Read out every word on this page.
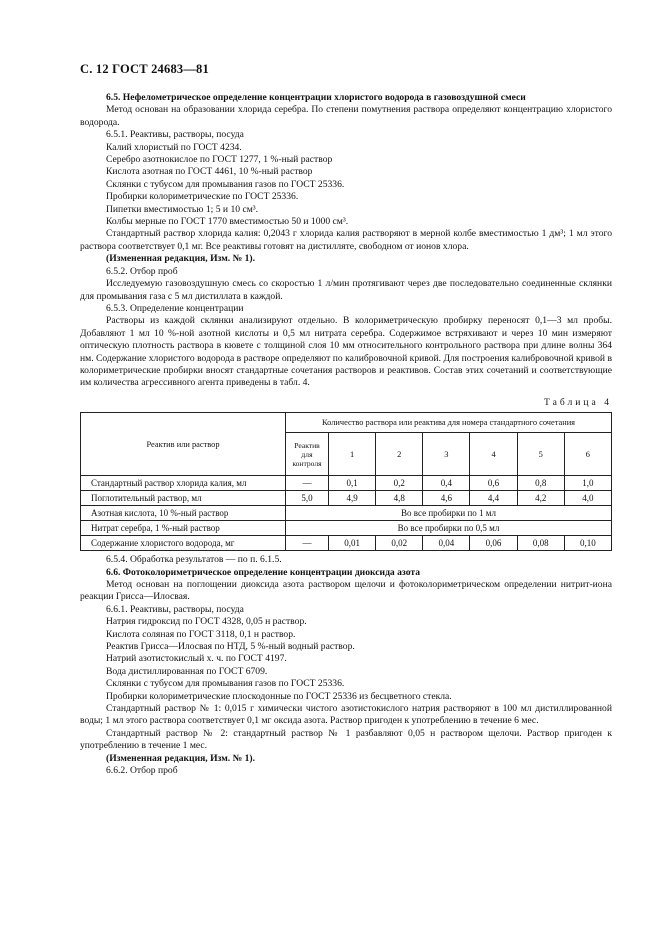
С. 12 ГОСТ 24683—81

6.5. Нефелометрическое определение концентрации хлористого водорода в газовоздушной смеси

Метод основан на образовании хлорида серебра. По степени помутнения раствора определяют концентрацию хлористого водорода.

6.5.1. Реактивы, растворы, посуда

Калий хлористый по ГОСТ 4234.

Серебро азотнокислое по ГОСТ 1277, 1 %-ный раствор

Кислота азотная по ГОСТ 4461, 10 %-ный раствор

Склянки с тубусом для промывания газов по ГОСТ 25336.

Пробирки колориметрические по ГОСТ 25336.

Пипетки вместимостью 1; 5 и 10 см³.

Колбы мерные по ГОСТ 1770 вместимостью 50 и 1000 см³.

Стандартный раствор хлорида калия: 0,2043 г хлорида калия растворяют в мерной колбе вместимостью 1 дм³; 1 мл этого раствора соответствует 0,1 мг. Все реактивы готовят на дистилляте, свободном от ионов хлора.

(Измененная редакция, Изм. № 1).

6.5.2. Отбор проб

Исследуемую газовоздушную смесь со скоростью 1 л/мин протягивают через две последовательно соединенные склянки для промывания газа с 5 мл дистиллата в каждой.

6.5.3. Определение концентрации

Растворы из каждой склянки анализируют отдельно. В колориметрическую пробирку переносят 0,1—3 мл пробы. Добавляют 1 мл 10 %-ной азотной кислоты и 0,5 мл нитрата серебра. Содержимое встряхивают и через 10 мин измеряют оптическую плотность раствора в кювете с толщиной слоя 10 мм относительного контрольного раствора при длине волны 364 нм. Содержание хлористого водорода в растворе определяют по калибровочной кривой. Для построения калибровочной кривой в колориметрические пробирки вносят стандартные сочетания растворов и реактивов. Состав этих сочетаний и соответствующие им количества агрессивного агента приведены в табл. 4.

Таблица 4

Реактив или раствор	Количество раствора или реактива для номера стандартного сочетания						
	Реактив для контроля	1	2	3	4	5	6
Стандартный раствор хлорида калия, мл	—	0,1	0,2	0,4	0,6	0,8	1,0
Поглотительный раствор, мл	5,0	4,9	4,8	4,6	4,4	4,2	4,0
Азотная кислота, 10 %-ный раствор	Во все пробирки по 1 мл						
Нитрат серебра, 1 %-ный раствор	Во все пробирки по 0,5 мл						
Содержание хлористого водорода, мг	—	0,01	0,02	0,04	0,06	0,08	0,10

6.5.4. Обработка результатов — по п. 6.1.5.

6.6. Фотоколориметрическое определение концентрации диоксида азота

Метод основан на поглощении диоксида азота раствором щелочи и фотоколориметрическом определении нитрит-иона реакции Грисса—Илосвая.

6.6.1. Реактивы, растворы, посуда

Натрия гидроксид по ГОСТ 4328, 0,05 н раствор.

Кислота соляная по ГОСТ 3118, 0,1 н раствор.

Реактив Грисса—Илосвая по НТД, 5 %-ный водный раствор.

Натрий азотистокислый х. ч. по ГОСТ 4197.

Вода дистиллированная по ГОСТ 6709.

Склянки с тубусом для промывания газов по ГОСТ 25336.

Пробирки колориметрические плоскодонные по ГОСТ 25336 из бесцветного стекла.

Стандартный раствор № 1: 0,015 г химически чистого азотистокислого натрия растворяют в 100 мл дистиллированной воды; 1 мл этого раствора соответствует 0,1 мг оксида азота. Раствор пригоден к употреблению в течение 6 мес.

Стандартный раствор № 2: стандартный раствор № 1 разбавляют 0,05 н раствором щелочи. Раствор пригоден к употреблению в течение 1 мес.

(Измененная редакция, Изм. № 1).

6.6.2. Отбор проб
